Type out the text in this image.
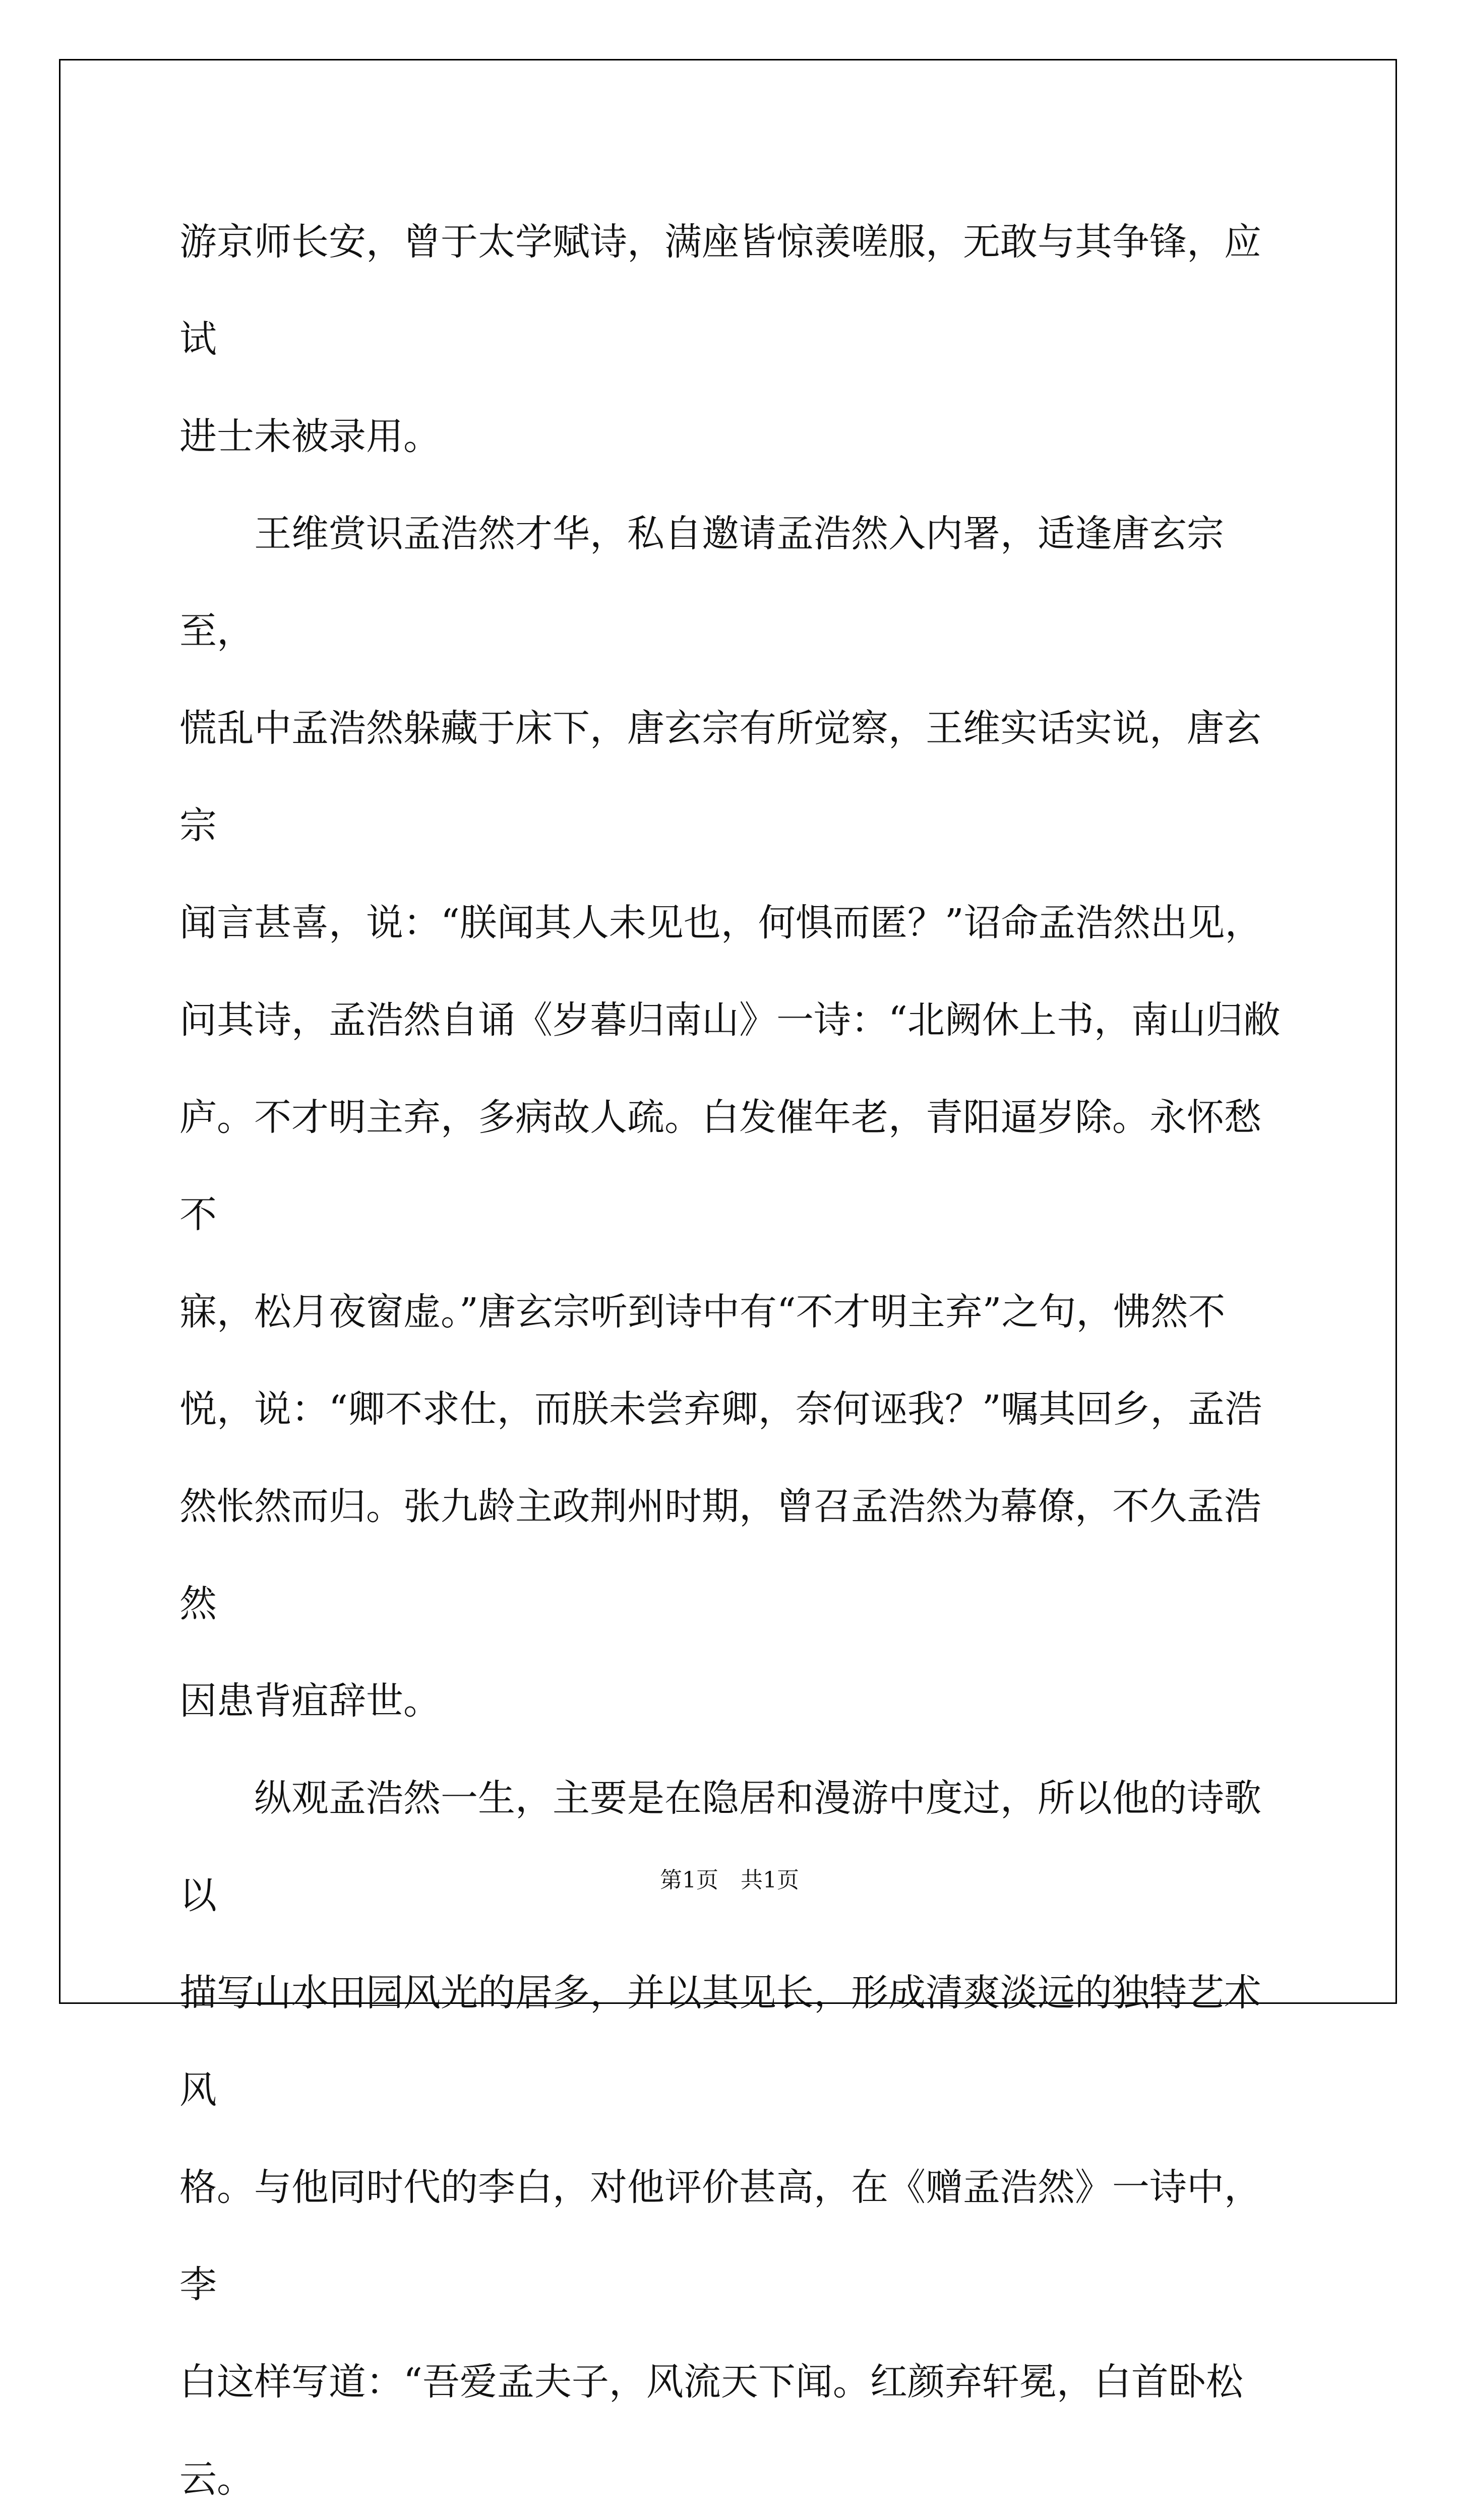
游京师长安，曾于太学赋诗，满座皆惊羡嗟服，无敢与其争锋，应试

进士未被录用。

　　王维赏识孟浩然才华，私自邀请孟浩然入内署，适逢唐玄宗至，

慌乱中孟浩然躲藏于床下，唐玄宗有所觉察，王维实话实说，唐玄宗

闻言甚喜，说：“朕闻其人未见也，何惧而匿？”诏命孟浩然出见，

问其诗，孟浩然自诵《岁暮归南山》一诗：“北阙休上书，南山归敝

庐。不才明主弃，多病故人疏。白发催年老，青阳逼岁除。永怀愁不

寐，松月夜窗虚。”唐玄宗听到诗中有“不才明主弃”之句，怫然不

悦，说：“卿不求仕，而朕未尝弃卿，奈何诬我？”嘱其回乡，孟浩

然怅然而归。张九龄主政荆州时期，曾召孟浩然为幕僚，不久孟浩然

因患背疽辞世。

　　纵观孟浩然一生，主要是在隐居和漫游中度过，所以他的诗歌以

描写山水田园风光的居多，并以其见长，形成清爽淡远的独特艺术风

格。与他同时代的李白，对他评价甚高，在《赠孟浩然》一诗中，李

白这样写道：“吾爱孟夫子，风流天下闻。红颜弃轩冕，白首卧松云。

第1页　共1页
